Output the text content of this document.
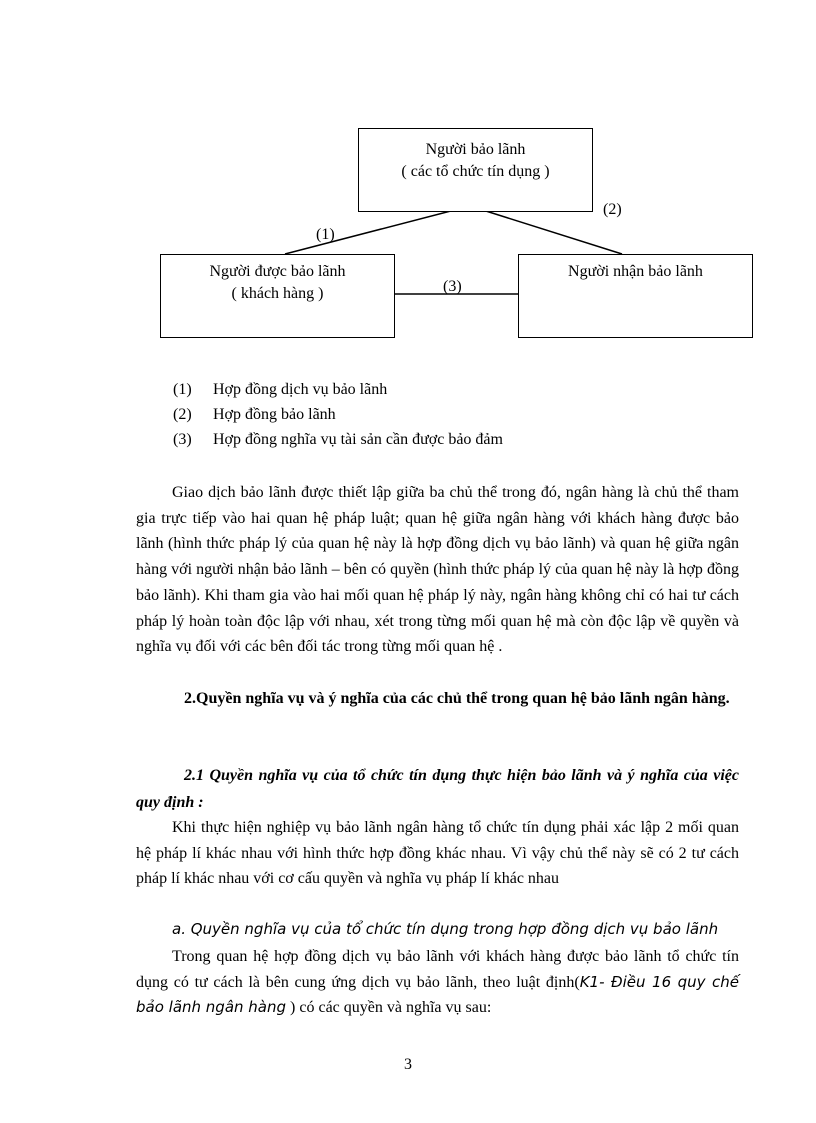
Người bảo lãnh
( các tổ chức tín dụng )
Người được bảo lãnh
( khách hàng )
Người nhận bảo lãnh
(1)
(2)
(3)
(1) Hợp đồng dịch vụ bảo lãnh
(2) Hợp đồng bảo lãnh
(3) Hợp đồng nghĩa vụ tài sản cần được bảo đảm

Giao dịch bảo lãnh được thiết lập giữa ba chủ thể trong đó, ngân hàng là chủ thể tham gia trực tiếp vào hai quan hệ pháp luật; quan hệ giữa ngân hàng với khách hàng được bảo lãnh (hình thức pháp lý của quan hệ này là hợp đồng dịch vụ bảo lãnh) và quan hệ giữa ngân hàng với người nhận bảo lãnh – bên có quyền (hình thức pháp lý của quan hệ này là hợp đồng bảo lãnh). Khi tham gia vào hai mối quan hệ pháp lý này, ngân hàng không chỉ có hai tư cách pháp lý hoàn toàn độc lập với nhau, xét trong từng mối quan hệ mà còn độc lập về quyền và nghĩa vụ đối với các bên đối tác trong từng mối quan hệ .

2.Quyền nghĩa vụ và ý nghĩa của các chủ thể trong quan hệ bảo lãnh ngân hàng.

2.1 Quyền nghĩa vụ của tổ chức tín dụng thực hiện bảo lãnh và ý nghĩa của việc quy định :

Khi thực hiện nghiệp vụ bảo lãnh ngân hàng tổ chức tín dụng phải xác lập 2 mối quan hệ pháp lí khác nhau với hình thức hợp đồng khác nhau. Vì vậy chủ thể này sẽ có 2 tư cách pháp lí khác nhau với cơ cấu quyền và nghĩa vụ pháp lí khác nhau

a. Quyền nghĩa vụ của tổ chức tín dụng trong hợp đồng dịch vụ bảo lãnh

Trong quan hệ hợp đồng dịch vụ bảo lãnh với khách hàng được bảo lãnh tổ chức tín dụng có tư cách là bên cung ứng dịch vụ bảo lãnh, theo luật định(K1- Điều 16 quy chế bảo lãnh ngân hàng ) có các quyền và nghĩa vụ sau:

3
